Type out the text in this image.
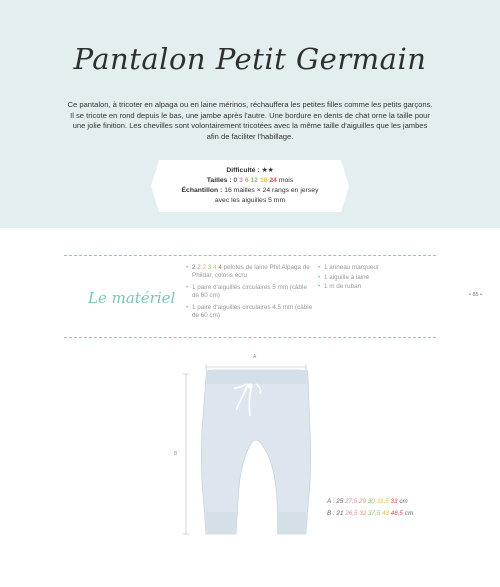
Pantalon Petit Germain
Ce pantalon, à tricoter en alpaga ou en laine mérinos, réchauffera les petites filles comme les petits garçons.
Il se tricote en rond depuis le bas, une jambe après l'autre. Une bordure en dents de chat orne la taille pour
une jolie finition. Les chevilles sont volontairement tricotées avec la même taille d'aiguilles que les jambes
afin de faciliter l'habillage.
Difficulté : ★★
Tailles : 0 3 6 12 18 24 mois
Échantillon : 16 mailles × 24 rangs en jersey
avec les aiguilles 5 mm
Le matériel
• 2 2 2 3 4 4 pelotes de laine Phil Alpaga de Phildar, coloris écru
• 1 paire d'aiguilles circulaires 5 mm (câble de 60 cm)
• 1 paire d'aiguilles circulaires 4,5 mm (câble de 60 cm)
• 1 anneau marqueur
• 1 aiguille à laine
• 1 m de ruban
• 85 •
A
B
A : 25 27,5 29 30 31,5 33 cm
B : 21 26,5 32 37,5 43 48,5 cm
